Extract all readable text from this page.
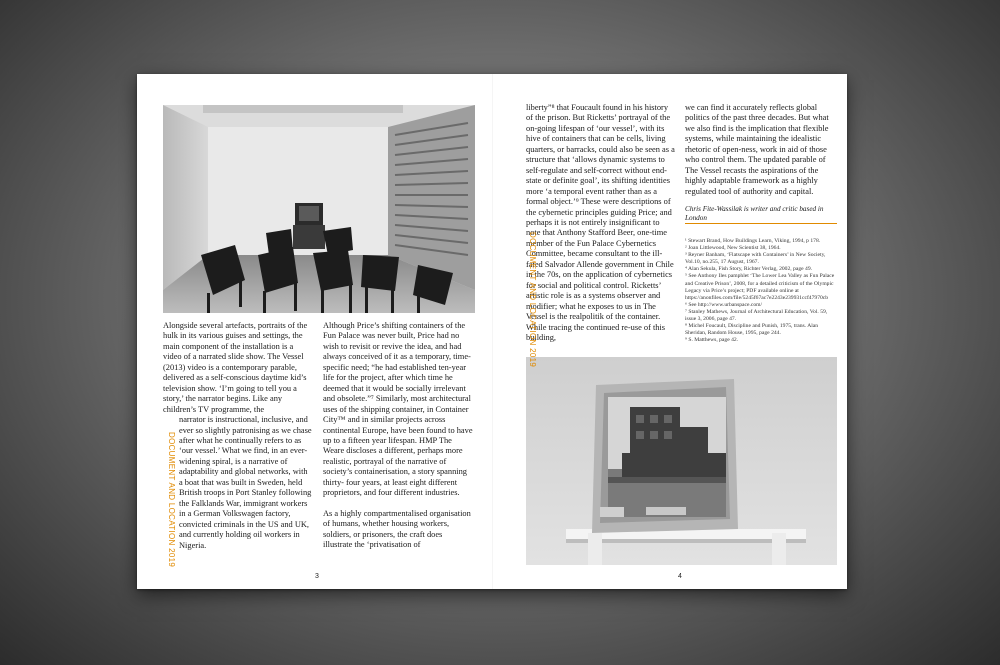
Alongside several artefacts, portraits of the hulk in its various guises and settings, the main component of the installation is a video of a narrated slide show. The Vessel (2013) video is a contemporary parable, delivered as a self-conscious daytime kid’s television show. ‘I’m going to tell you a story,’ the narrator begins. Like any children’s TV programme, the

narrator is instructional, inclusive, and ever so slightly patronising as we chase after what he continually refers to as ‘our vessel.’ What we find, in an ever-widening spiral, is a narrative of adaptability and global networks, with a boat that was built in Sweden, held British troops in Port Stanley following the Falklands War, immigrant workers in a German Volkswagen factory, convicted criminals in the US and UK, and currently holding oil workers in Nigeria.

DOCUMENT AND LOCATION 2019

Although Price’s shifting containers of the Fun Palace was never built, Price had no wish to revisit or revive the idea, and had always conceived of it as a temporary, time-specific need; “he had established ten-year life for the project, after which time he deemed that it would be socially irrelevant and obsolete.”⁷ Similarly, most architectural uses of the shipping container, in Container City™ and in similar projects across continental Europe, have been found to have up to a fifteen year lifespan. HMP The Weare discloses a different, perhaps more realistic, portrayal of the narrative of society’s containerisation, a story spanning thirty- four years, at least eight different proprietors, and four different industries.

As a highly compartmentalised organisation of humans, whether housing workers, soldiers, or prisoners, the craft does illustrate the ‘privatisation of

3

liberty”⁸ that Foucault found in his history of the prison. But Ricketts’ portrayal of the on-going lifespan of ‘our vessel’, with its hive of containers that can be cells, living quarters, or barracks, could also be seen as a structure that ‘allows dynamic systems to self-regulate and self-correct without end-state or definite goal’, its shifting identities more ‘a temporal event rather than as a formal object.’⁹ These were descriptions of the cybernetic principles guiding Price; and perhaps it is not entirely insignificant to note that Anthony Stafford Beer, one-time member of the Fun Palace Cybernetics Committee, became consultant to the ill-fated Salvador Allende government in Chile in the 70s, on the application of cybernetics for social and political control. Ricketts’ artistic role is as a systems observer and modifier; what he exposes to us in The Vessel is the realpolitik of the container. While tracing the continued re-use of this building,

we can find it accurately reflects global politics of the past three decades. But what we also find is the implication that flexible systems, while maintaining the idealistic rhetoric of open-ness, work in aid of those who control them. The updated parable of The Vessel recasts the aspirations of the highly adaptable framework as a highly regulated tool of authority and capital.

Chris Fite-Wassilak is writer and critic based in London

¹ Stewart Brand, How Buildings Learn, Viking, 1994, p 178.
² Joan Littlewood, New Scientist 38, 1964.
³ Reyner Banham, ‘Flatscape with Containers’ in New Society, Vol.10, no.255, 17 August, 1967.
⁴ Alan Sekula, Fish Story, Richter Verlag, 2002, page 49.
⁵ See Anthony Iles pamphlet ‘The Lower Lea Valley as Fun Palace and Creative Prison’, 2008, for a detailed criticism of the Olympic Legacy via Price’s project; PDF available online at https://anonfiles.com/file/5245f67ac7e2243e239931ccf47970cb
⁶ See http://www.urbanspace.com/
⁷ Stanley Mathews, Journal of Architectural Education, Vol. 59, issue 3, 2006, page 47.
⁸ Michel Foucault, Discipline and Punish, 1975, trans. Alan Sheridan, Random House, 1995, page 244.
⁹ S. Matthews, page 42.
DOCUMENT AND LOCATION 2019
4
